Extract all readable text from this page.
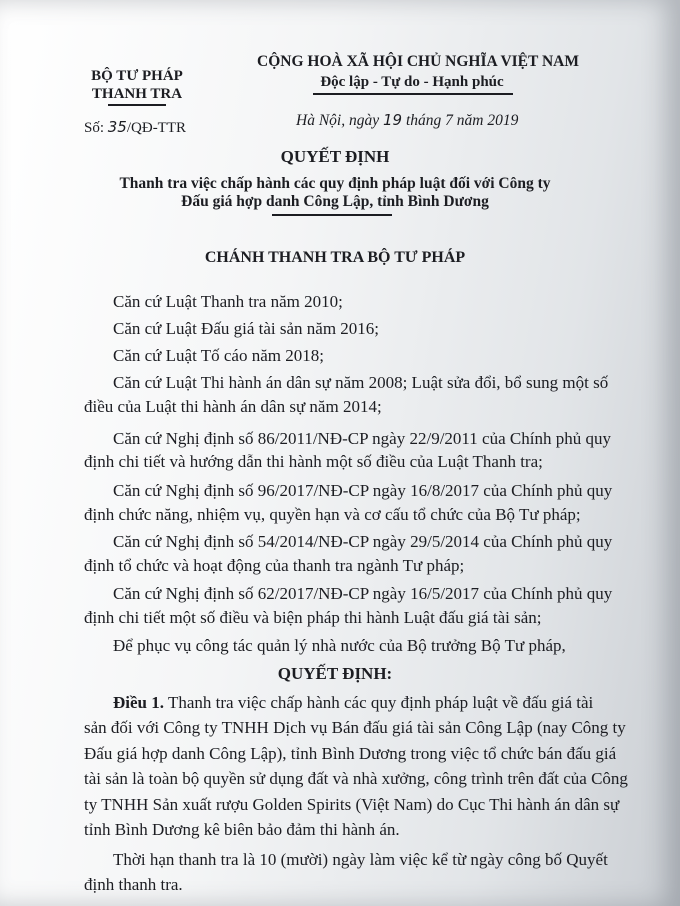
BỘ TƯ PHÁP
THANH TRA
Số: 35/QĐ-TTR
CỘNG HOÀ XÃ HỘI CHỦ NGHĨA VIỆT NAM
Độc lập - Tự do - Hạnh phúc
Hà Nội, ngày 19 tháng 7 năm 2019
QUYẾT ĐỊNH
Thanh tra việc chấp hành các quy định pháp luật đối với Công ty
Đấu giá hợp danh Công Lập, tỉnh Bình Dương
CHÁNH THANH TRA BỘ TƯ PHÁP
Căn cứ Luật Thanh tra năm 2010;
Căn cứ Luật Đấu giá tài sản năm 2016;
Căn cứ Luật Tố cáo năm 2018;
Căn cứ Luật Thi hành án dân sự năm 2008; Luật sửa đổi, bổ sung một số
điều của Luật thi hành án dân sự năm 2014;
Căn cứ Nghị định số 86/2011/NĐ-CP ngày 22/9/2011 của Chính phủ quy
định chi tiết và hướng dẫn thi hành một số điều của Luật Thanh tra;
Căn cứ Nghị định số 96/2017/NĐ-CP ngày 16/8/2017 của Chính phủ quy
định chức năng, nhiệm vụ, quyền hạn và cơ cấu tổ chức của Bộ Tư pháp;
Căn cứ Nghị định số 54/2014/NĐ-CP ngày 29/5/2014 của Chính phủ quy
định tổ chức và hoạt động của thanh tra ngành Tư pháp;
Căn cứ Nghị định số 62/2017/NĐ-CP ngày 16/5/2017 của Chính phủ quy
định chi tiết một số điều và biện pháp thi hành Luật đấu giá tài sản;
Để phục vụ công tác quản lý nhà nước của Bộ trưởng Bộ Tư pháp,
QUYẾT ĐỊNH:
Điều 1. Thanh tra việc chấp hành các quy định pháp luật về đấu giá tài
sản đối với Công ty TNHH Dịch vụ Bán đấu giá tài sản Công Lập (nay Công ty
Đấu giá hợp danh Công Lập), tỉnh Bình Dương trong việc tổ chức bán đấu giá
tài sản là toàn bộ quyền sử dụng đất và nhà xưởng, công trình trên đất của Công
ty TNHH Sản xuất rượu Golden Spirits (Việt Nam) do Cục Thi hành án dân sự
tỉnh Bình Dương kê biên bảo đảm thi hành án.
Thời hạn thanh tra là 10 (mười) ngày làm việc kể từ ngày công bố Quyết
định thanh tra.
